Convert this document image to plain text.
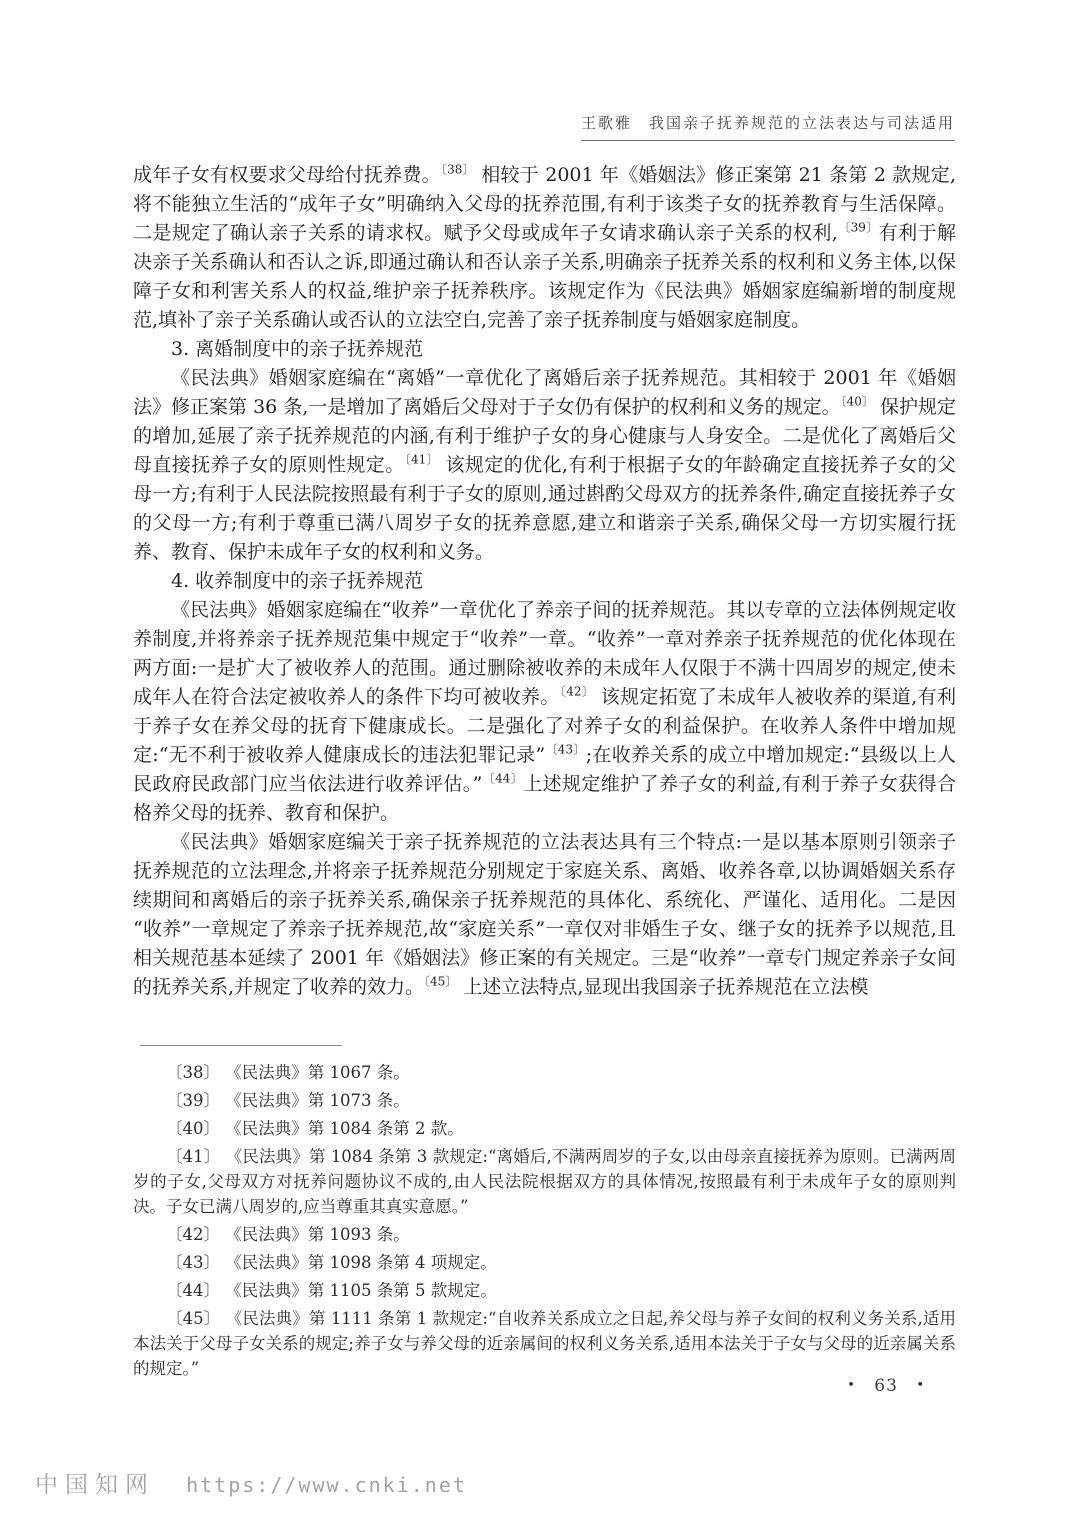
王歌雅　我国亲子抚养规范的立法表达与司法适用

成年子女有权要求父母给付抚养费。$^{〔38〕}$ 相较于 2001 年《婚姻法》修正案第 21 条第 2 款规定,将不能独立生活的“成年子女”明确纳入父母的抚养范围,有利于该类子女的抚养教育与生活保障。二是规定了确认亲子关系的请求权。赋予父母或成年子女请求确认亲子关系的权利,$^{〔39〕}$有利于解决亲子关系确认和否认之诉,即通过确认和否认亲子关系,明确亲子抚养关系的权利和义务主体,以保障子女和利害关系人的权益,维护亲子抚养秩序。该规定作为《民法典》婚姻家庭编新增的制度规范,填补了亲子关系确认或否认的立法空白,完善了亲子抚养制度与婚姻家庭制度。

3. 离婚制度中的亲子抚养规范

《民法典》婚姻家庭编在“离婚”一章优化了离婚后亲子抚养规范。其相较于 2001 年《婚姻法》修正案第 36 条,一是增加了离婚后父母对于子女仍有保护的权利和义务的规定。$^{〔40〕}$ 保护规定的增加,延展了亲子抚养规范的内涵,有利于维护子女的身心健康与人身安全。二是优化了离婚后父母直接抚养子女的原则性规定。$^{〔41〕}$ 该规定的优化,有利于根据子女的年龄确定直接抚养子女的父母一方;有利于人民法院按照最有利于子女的原则,通过斟酌父母双方的抚养条件,确定直接抚养子女的父母一方;有利于尊重已满八周岁子女的抚养意愿,建立和谐亲子关系,确保父母一方切实履行抚养、教育、保护未成年子女的权利和义务。

4. 收养制度中的亲子抚养规范

《民法典》婚姻家庭编在“收养”一章优化了养亲子间的抚养规范。其以专章的立法体例规定收养制度,并将养亲子抚养规范集中规定于“收养”一章。“收养”一章对养亲子抚养规范的优化体现在两方面:一是扩大了被收养人的范围。通过删除被收养的未成年人仅限于不满十四周岁的规定,使未成年人在符合法定被收养人的条件下均可被收养。$^{〔42〕}$ 该规定拓宽了未成年人被收养的渠道,有利于养子女在养父母的抚育下健康成长。二是强化了对养子女的利益保护。在收养人条件中增加规定:“无不利于被收养人健康成长的违法犯罪记录”$^{〔43〕}$;在收养关系的成立中增加规定:“县级以上人民政府民政部门应当依法进行收养评估。”$^{〔44〕}$上述规定维护了养子女的利益,有利于养子女获得合格养父母的抚养、教育和保护。

《民法典》婚姻家庭编关于亲子抚养规范的立法表达具有三个特点:一是以基本原则引领亲子抚养规范的立法理念,并将亲子抚养规范分别规定于家庭关系、离婚、收养各章,以协调婚姻关系存续期间和离婚后的亲子抚养关系,确保亲子抚养规范的具体化、系统化、严谨化、适用化。二是因“收养”一章规定了养亲子抚养规范,故“家庭关系”一章仅对非婚生子女、继子女的抚养予以规范,且相关规范基本延续了 2001 年《婚姻法》修正案的有关规定。三是“收养”一章专门规定养亲子女间的抚养关系,并规定了收养的效力。$^{〔45〕}$ 上述立法特点,显现出我国亲子抚养规范在立法模

〔38〕 《民法典》第 1067 条。

〔39〕 《民法典》第 1073 条。

〔40〕 《民法典》第 1084 条第 2 款。

〔41〕 《民法典》第 1084 条第 3 款规定:“离婚后,不满两周岁的子女,以由母亲直接抚养为原则。已满两周岁的子女,父母双方对抚养问题协议不成的,由人民法院根据双方的具体情况,按照最有利于未成年子女的原则判决。子女已满八周岁的,应当尊重其真实意愿。”

〔42〕 《民法典》第 1093 条。

〔43〕 《民法典》第 1098 条第 4 项规定。

〔44〕 《民法典》第 1105 条第 5 款规定。

〔45〕 《民法典》第 1111 条第 1 款规定:“自收养关系成立之日起,养父母与养子女间的权利义务关系,适用本法关于父母子女关系的规定;养子女与养父母的近亲属间的权利义务关系,适用本法关于子女与父母的近亲属关系的规定。”

• 63 •
中国知网 https://www.cnki.net
